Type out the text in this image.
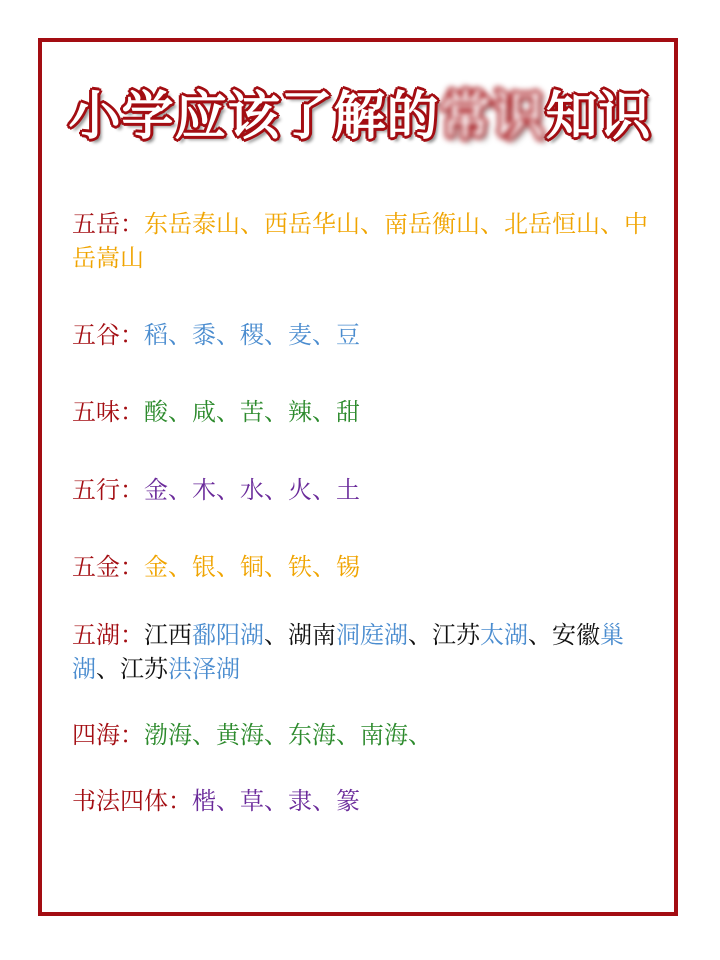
小学应该了解的常识知识
五岳：东岳泰山、西岳华山、南岳衡山、北岳恒山、中岳嵩山
五谷：稻、黍、稷、麦、豆
五味：酸、咸、苦、辣、甜
五行：金、木、水、火、土
五金：金、银、铜、铁、锡
五湖：江西鄱阳湖、湖南洞庭湖、江苏太湖、安徽巢湖、江苏洪泽湖
四海：渤海、黄海、东海、南海、
书法四体：楷、草、隶、篆
